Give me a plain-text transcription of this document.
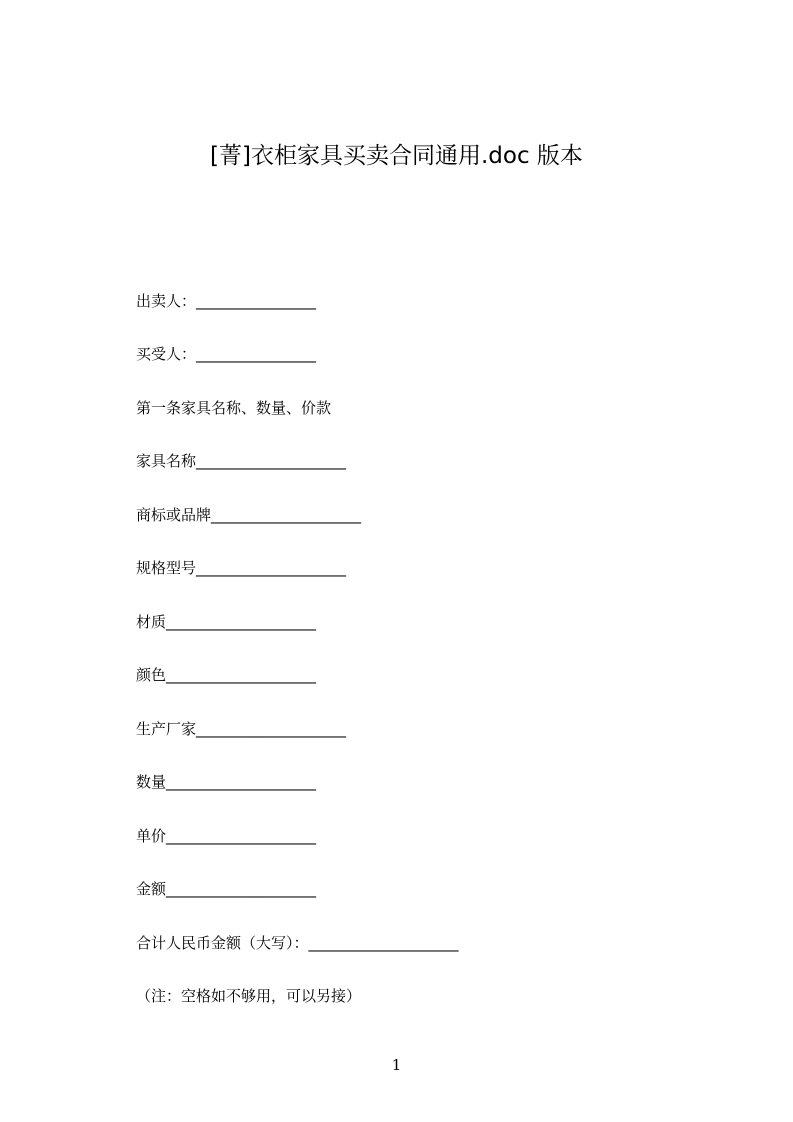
[菁]衣柜家具买卖合同通用.doc 版本
出卖人：________________
买受人：________________
第一条家具名称、数量、价款
家具名称____________________
商标或品牌____________________
规格型号____________________
材质____________________
颜色____________________
生产厂家____________________
数量____________________
单价____________________
金额____________________
合计人民币金额（大写）：____________________
（注：空格如不够用，可以另接）
1
